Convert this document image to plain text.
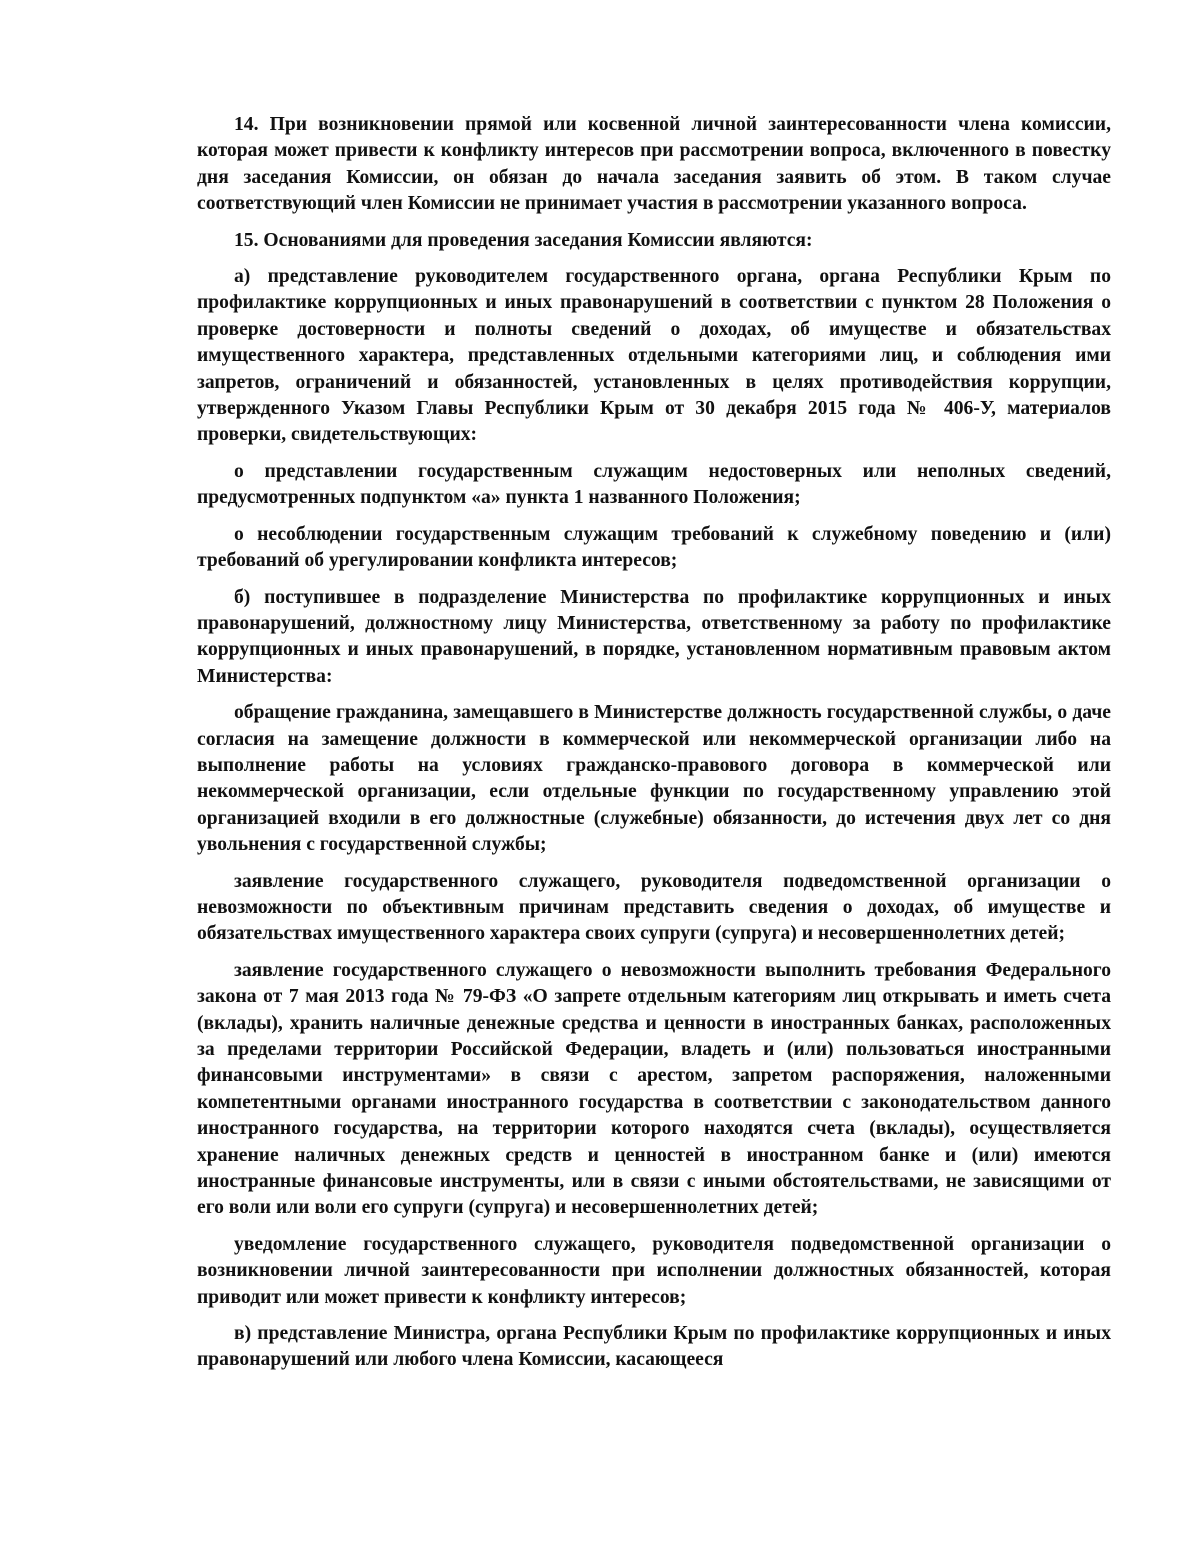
14. При возникновении прямой или косвенной личной заинтересованности члена комиссии, которая может привести к конфликту интересов при рассмотрении вопроса, включенного в повестку дня заседания Комиссии, он обязан до начала заседания заявить об этом. В таком случае соответствующий член Комиссии не принимает участия в рассмотрении указанного вопроса.

15. Основаниями для проведения заседания Комиссии являются:

а) представление руководителем государственного органа, органа Республики Крым по профилактике коррупционных и иных правонарушений в соответствии с пунктом 28 Положения о проверке достоверности и полноты сведений о доходах, об имуществе и обязательствах имущественного характера, представленных отдельными категориями лиц, и соблюдения ими запретов, ограничений и обязанностей, установленных в целях противодействия коррупции, утвержденного Указом Главы Республики Крым от 30 декабря 2015 года № 406-У, материалов проверки, свидетельствующих:

о представлении государственным служащим недостоверных или неполных сведений, предусмотренных подпунктом «а» пункта 1 названного Положения;

о несоблюдении государственным служащим требований к служебному поведению и (или) требований об урегулировании конфликта интересов;

б) поступившее в подразделение Министерства по профилактике коррупционных и иных правонарушений, должностному лицу Министерства, ответственному за работу по профилактике коррупционных и иных правонарушений, в порядке, установленном нормативным правовым актом Министерства:

обращение гражданина, замещавшего в Министерстве должность государственной службы, о даче согласия на замещение должности в коммерческой или некоммерческой организации либо на выполнение работы на условиях гражданско-правового договора в коммерческой или некоммерческой организации, если отдельные функции по государственному управлению этой организацией входили в его должностные (служебные) обязанности, до истечения двух лет со дня увольнения с государственной службы;

заявление государственного служащего, руководителя подведомственной организации о невозможности по объективным причинам представить сведения о доходах, об имуществе и обязательствах имущественного характера своих супруги (супруга) и несовершеннолетних детей;

заявление государственного служащего о невозможности выполнить требования Федерального закона от 7 мая 2013 года № 79-ФЗ «О запрете отдельным категориям лиц открывать и иметь счета (вклады), хранить наличные денежные средства и ценности в иностранных банках, расположенных за пределами территории Российской Федерации, владеть и (или) пользоваться иностранными финансовыми инструментами» в связи с арестом, запретом распоряжения, наложенными компетентными органами иностранного государства в соответствии с законодательством данного иностранного государства, на территории которого находятся счета (вклады), осуществляется хранение наличных денежных средств и ценностей в иностранном банке и (или) имеются иностранные финансовые инструменты, или в связи с иными обстоятельствами, не зависящими от его воли или воли его супруги (супруга) и несовершеннолетних детей;

уведомление государственного служащего, руководителя подведомственной организации о возникновении личной заинтересованности при исполнении должностных обязанностей, которая приводит или может привести к конфликту интересов;

в) представление Министра, органа Республики Крым по профилактике коррупционных и иных правонарушений или любого члена Комиссии, касающееся
